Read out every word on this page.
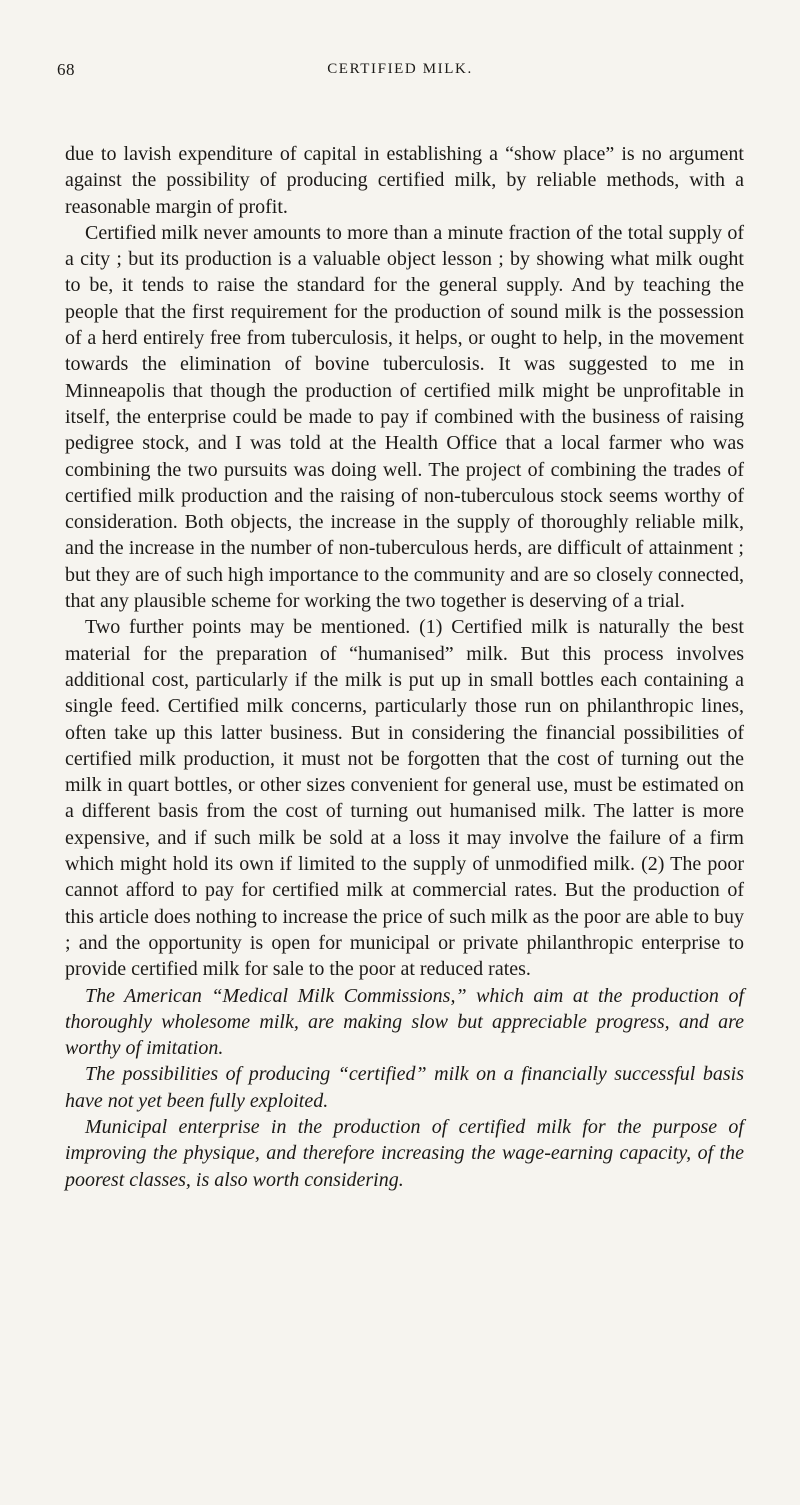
68	CERTIFIED MILK.

due to lavish expenditure of capital in establishing a “show place” is no argument against the possibility of producing certified milk, by reliable methods, with a reasonable margin of profit.

Certified milk never amounts to more than a minute fraction of the total supply of a city ; but its production is a valuable object lesson ; by showing what milk ought to be, it tends to raise the standard for the general supply. And by teaching the people that the first requirement for the production of sound milk is the possession of a herd entirely free from tuberculosis, it helps, or ought to help, in the movement towards the elimination of bovine tuberculosis. It was suggested to me in Minneapolis that though the production of certified milk might be unprofitable in itself, the enterprise could be made to pay if combined with the business of raising pedigree stock, and I was told at the Health Office that a local farmer who was combining the two pursuits was doing well. The project of combining the trades of certified milk production and the raising of non-tuberculous stock seems worthy of consideration. Both objects, the increase in the supply of thoroughly reliable milk, and the increase in the number of non-tuberculous herds, are difficult of attainment ; but they are of such high importance to the community and are so closely connected, that any plausible scheme for working the two together is deserving of a trial.

Two further points may be mentioned. (1) Certified milk is naturally the best material for the preparation of “humanised” milk. But this process involves additional cost, particularly if the milk is put up in small bottles each containing a single feed. Certified milk concerns, particularly those run on philanthropic lines, often take up this latter business. But in considering the financial possibilities of certified milk production, it must not be forgotten that the cost of turning out the milk in quart bottles, or other sizes convenient for general use, must be estimated on a different basis from the cost of turning out humanised milk. The latter is more expensive, and if such milk be sold at a loss it may involve the failure of a firm which might hold its own if limited to the supply of unmodified milk. (2) The poor cannot afford to pay for certified milk at commercial rates. But the production of this article does nothing to increase the price of such milk as the poor are able to buy ; and the opportunity is open for municipal or private philanthropic enterprise to provide certified milk for sale to the poor at reduced rates.

The American “Medical Milk Commissions,” which aim at the production of thoroughly wholesome milk, are making slow but appreciable progress, and are worthy of imitation.

The possibilities of producing “certified” milk on a financially successful basis have not yet been fully exploited.

Municipal enterprise in the production of certified milk for the purpose of improving the physique, and therefore increasing the wage-earning capacity, of the poorest classes, is also worth considering.
